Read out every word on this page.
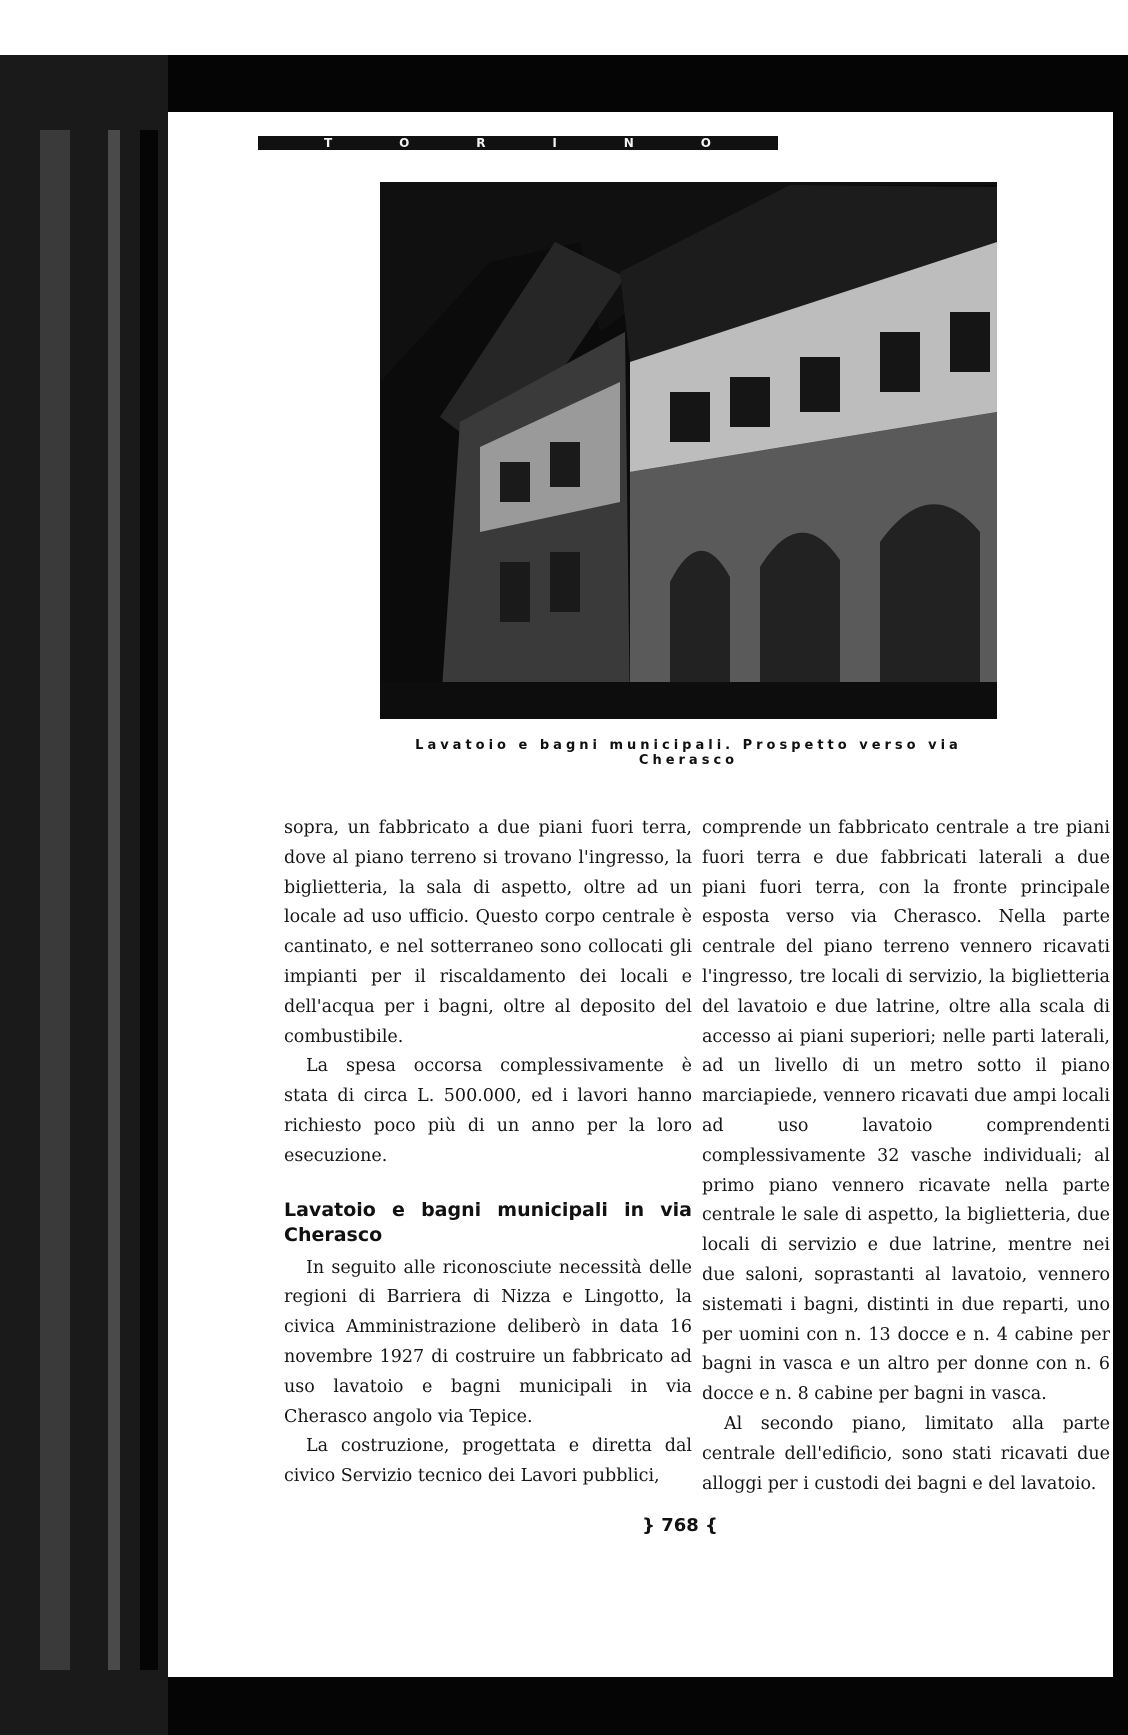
T	O	R	I	N	O
Lavatoio e bagni municipali. Prospetto verso via Cherasco

sopra, un fabbricato a due piani fuori terra, dove al piano terreno si trovano l'ingresso, la biglietteria, la sala di aspetto, oltre ad un locale ad uso ufficio. Questo corpo centrale è cantinato, e nel sotterraneo sono collocati gli impianti per il riscaldamento dei locali e dell'acqua per i bagni, oltre al deposito del combustibile.

La spesa occorsa complessivamente è stata di circa L. 500.000, ed i lavori hanno richiesto poco più di un anno per la loro esecuzione.

Lavatoio e bagni municipali in via Cherasco

In seguito alle riconosciute necessità delle regioni di Barriera di Nizza e Lingotto, la civica Amministrazione deliberò in data 16 novembre 1927 di costruire un fabbricato ad uso lavatoio e bagni municipali in via Cherasco angolo via Tepice.

La costruzione, progettata e diretta dal civico Servizio tecnico dei Lavori pubblici,

comprende un fabbricato centrale a tre piani fuori terra e due fabbricati laterali a due piani fuori terra, con la fronte principale esposta verso via Cherasco. Nella parte centrale del piano terreno vennero ricavati l'ingresso, tre locali di servizio, la biglietteria del lavatoio e due latrine, oltre alla scala di accesso ai piani superiori; nelle parti laterali, ad un livello di un metro sotto il piano marciapiede, vennero ricavati due ampi locali ad uso lavatoio comprendenti complessivamente 32 vasche individuali; al primo piano vennero ricavate nella parte centrale le sale di aspetto, la biglietteria, due locali di servizio e due latrine, mentre nei due saloni, soprastanti al lavatoio, vennero sistemati i bagni, distinti in due reparti, uno per uomini con n. 13 docce e n. 4 cabine per bagni in vasca e un altro per donne con n. 6 docce e n. 8 cabine per bagni in vasca.

Al secondo piano, limitato alla parte centrale dell'edificio, sono stati ricavati due alloggi per i custodi dei bagni e del lavatoio.

} 768 {
